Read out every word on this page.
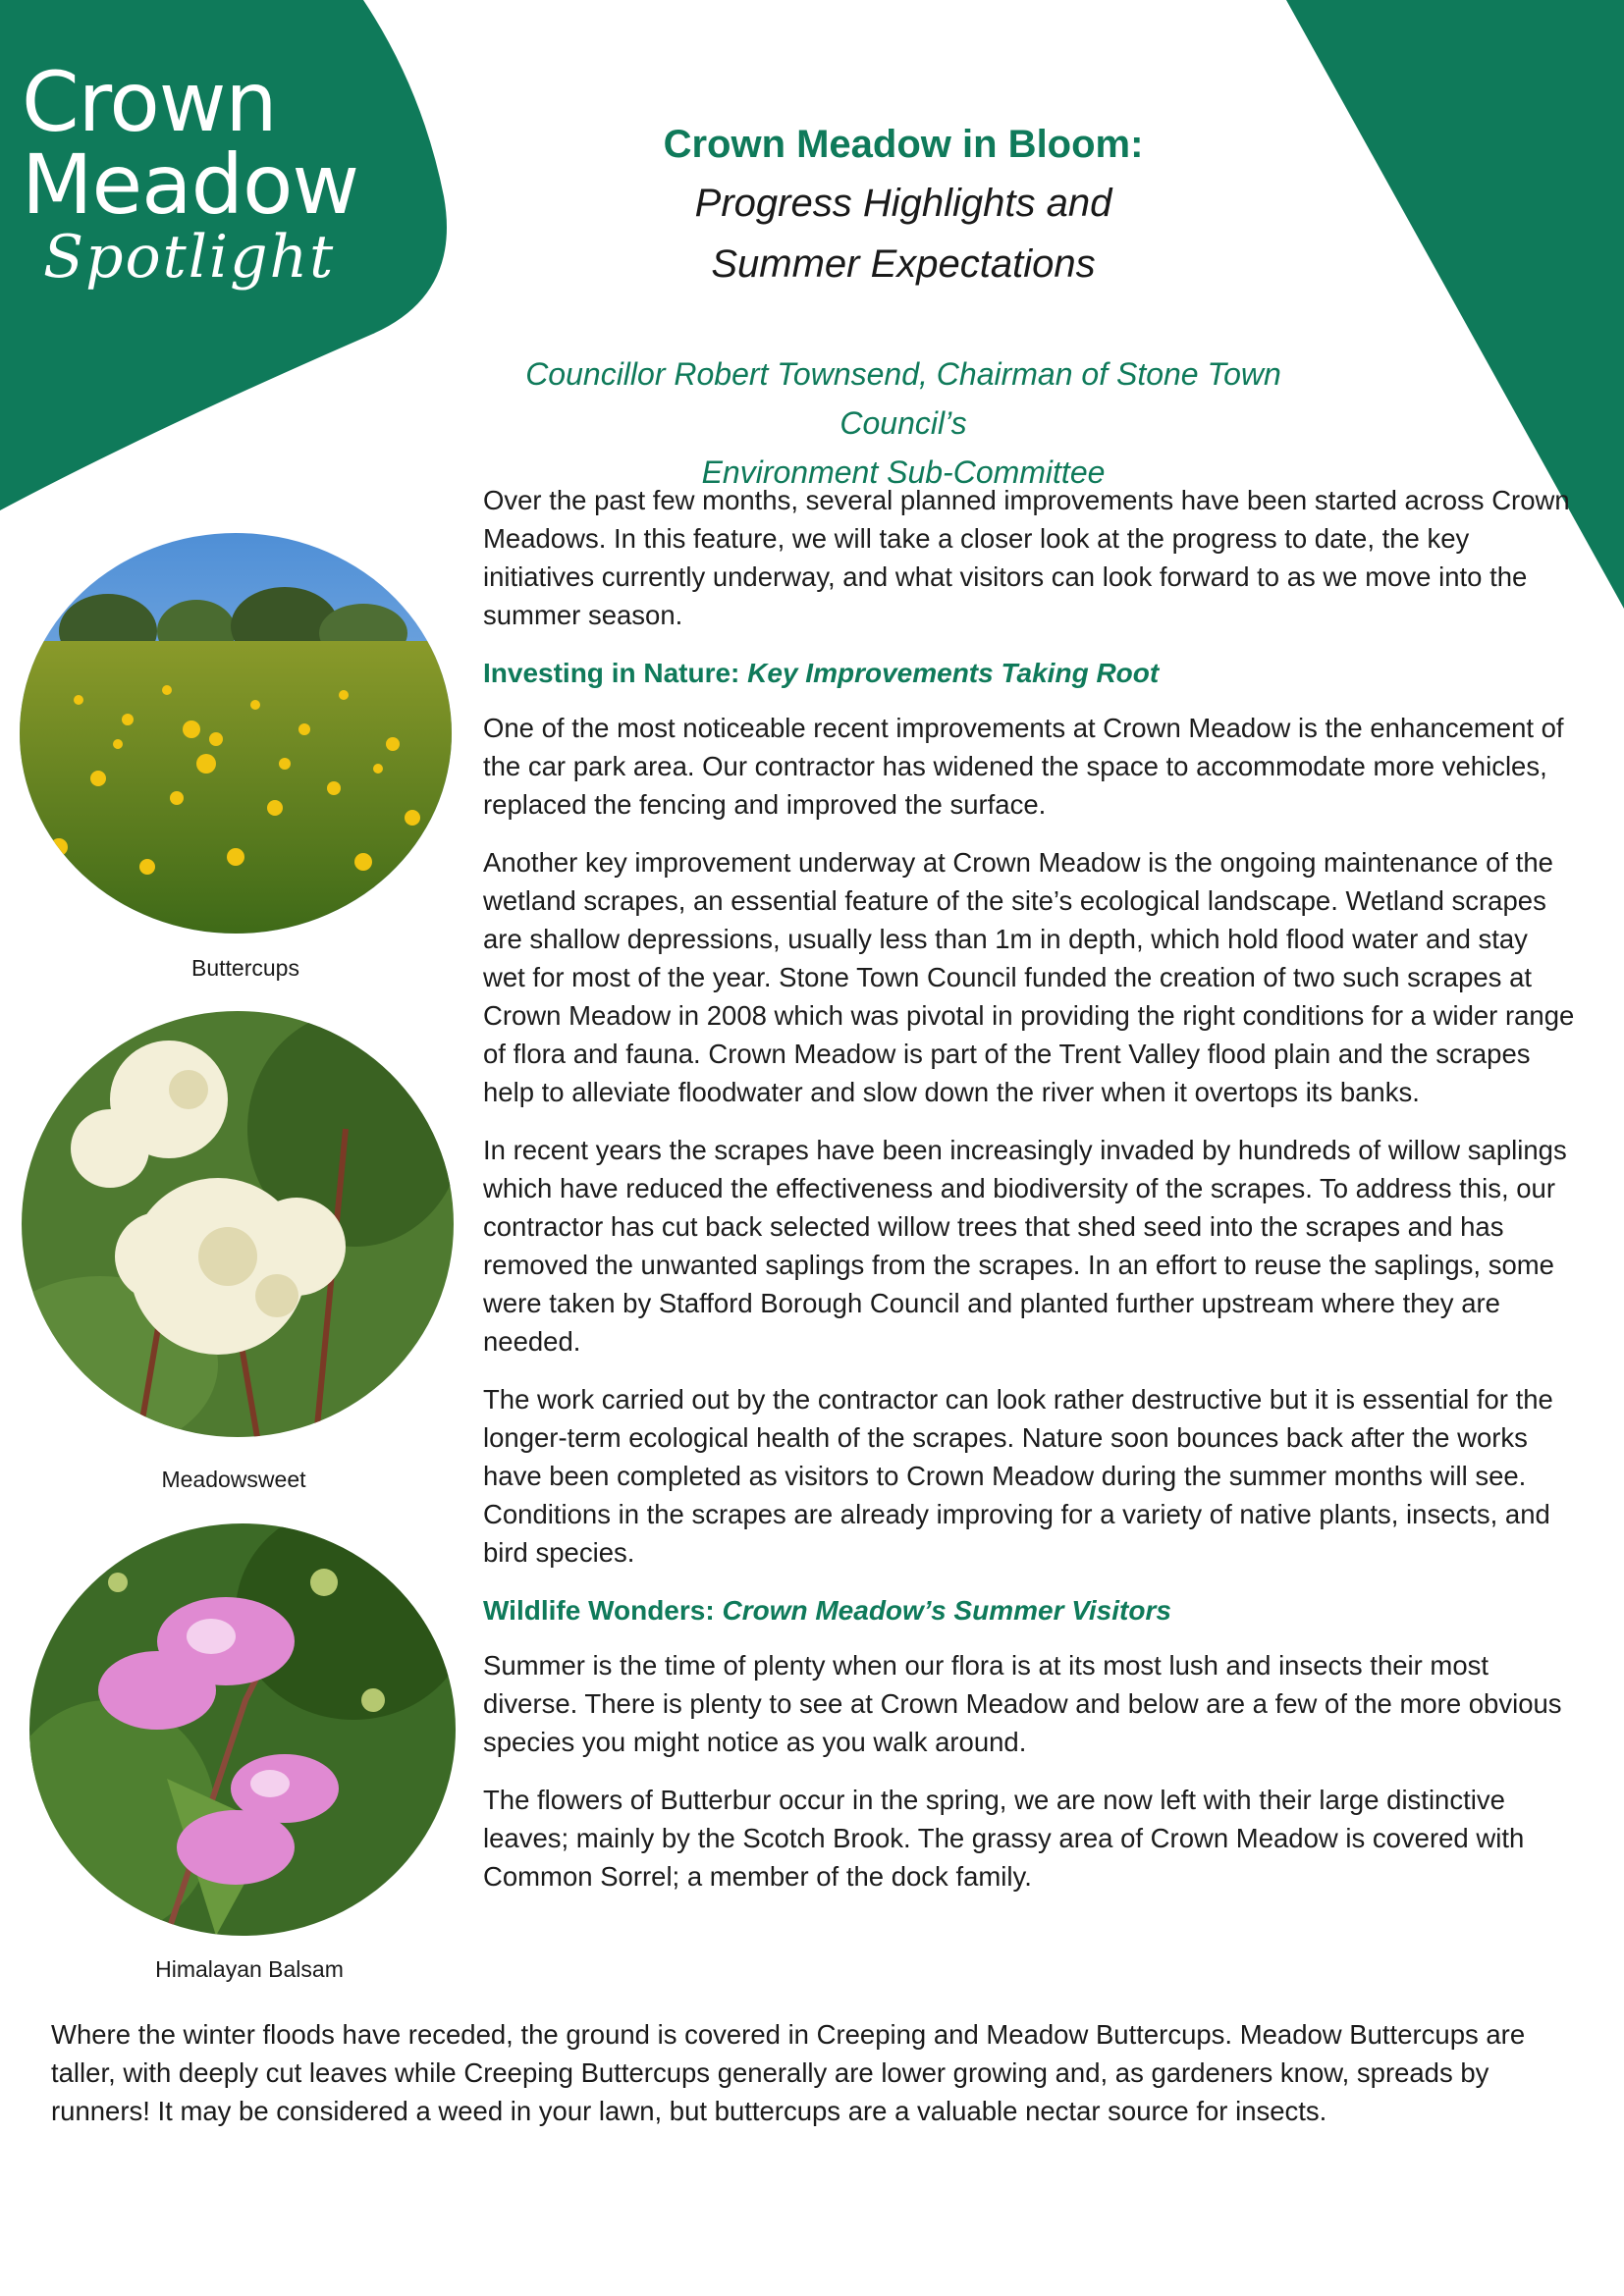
Crown
Meadow
Spotlight
Crown Meadow in Bloom:
Progress Highlights and
Summer Expectations
Councillor Robert Townsend, Chairman of Stone Town Council’s
Environment Sub-Committee
Buttercups
Meadowsweet
Himalayan Balsam

Over the past few months, several planned improvements have been started across Crown Meadows. In this feature, we will take a closer look at the progress to date, the key initiatives currently underway, and what visitors can look forward to as we move into the summer season.

Investing in Nature: Key Improvements Taking Root

One of the most noticeable recent improvements at Crown Meadow is the enhancement of the car park area. Our contractor has widened the space to accommodate more vehicles, replaced the fencing and improved the surface.

Another key improvement underway at Crown Meadow is the ongoing maintenance of the wetland scrapes, an essential feature of the site’s ecological landscape. Wetland scrapes are shallow depressions, usually less than 1m in depth, which hold flood water and stay wet for most of the year. Stone Town Council funded the creation of two such scrapes at Crown Meadow in 2008 which was pivotal in providing the right conditions for a wider range of flora and fauna. Crown Meadow is part of the Trent Valley flood plain and the scrapes help to alleviate floodwater and slow down the river when it overtops its banks.

In recent years the scrapes have been increasingly invaded by hundreds of willow saplings which have reduced the effectiveness and biodiversity of the scrapes. To address this, our contractor has cut back selected willow trees that shed seed into the scrapes and has removed the unwanted saplings from the scrapes. In an effort to reuse the saplings, some were taken by Stafford Borough Council and planted further upstream where they are needed.

The work carried out by the contractor can look rather destructive but it is essential for the longer-term ecological health of the scrapes. Nature soon bounces back after the works have been completed as visitors to Crown Meadow during the summer months will see. Conditions in the scrapes are already improving for a variety of native plants, insects, and bird species.

Wildlife Wonders: Crown Meadow’s Summer Visitors

Summer is the time of plenty when our flora is at its most lush and insects their most diverse. There is plenty to see at Crown Meadow and below are a few of the more obvious species you might notice as you walk around.

The flowers of Butterbur occur in the spring, we are now left with their large distinctive leaves; mainly by the Scotch Brook. The grassy area of Crown Meadow is covered with Common Sorrel; a member of the dock family.

Where the winter floods have receded, the ground is covered in Creeping and Meadow Buttercups. Meadow Buttercups are taller, with deeply cut leaves while Creeping Buttercups generally are lower growing and, as gardeners know, spreads by runners! It may be considered a weed in your lawn, but buttercups are a valuable nectar source for insects.
